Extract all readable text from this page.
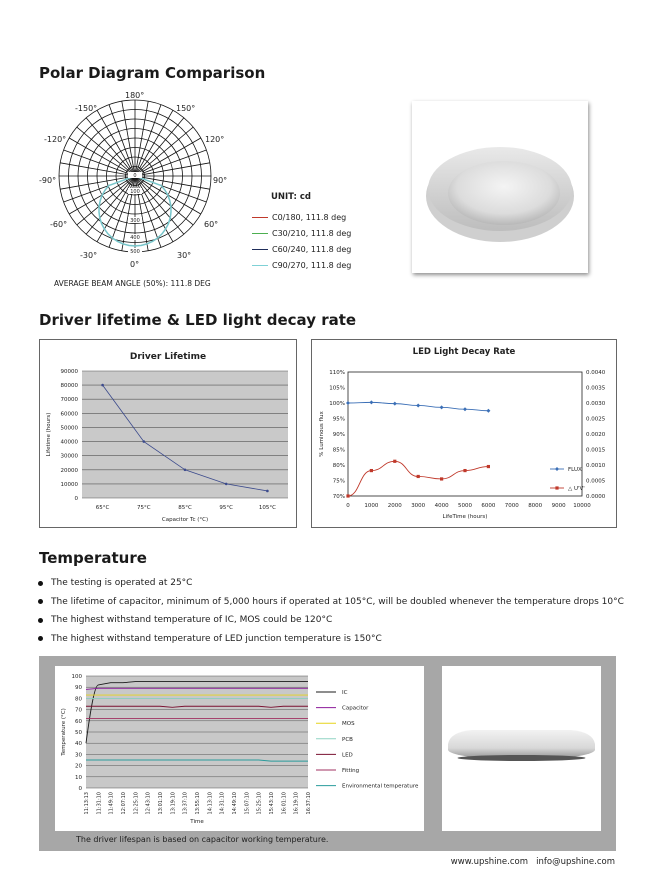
Polar Diagram Comparison
0
100
300
400
500
180°
150°
-150°
120°
-120°
90°
-90°
60°
-60°
30°
-30°
0°
UNIT: cd
C0/180, 111.8 deg
C30/210, 111.8 deg
C60/240, 111.8 deg
C90/270, 111.8 deg
AVERAGE BEAM ANGLE (50%): 111.8 DEG
Driver lifetime & LED light decay rate
Driver Lifetime
90000
80000
70000
60000
50000
40000
30000
20000
10000
0
65°C	75°C	85°C	95°C	105°C
Capacitor Tc (°C)
Lifetime (hours)
LED Light Decay Rate
110%
105%
100%
95%
90%
85%
80%
75%
70%
0.0040
0.0035
0.0030
0.0025
0.0020
0.0015
0.0010
0.0005
0.0000
0	1000 2000 3000 4000 5000 6000 7000 8000 9000 10000
FLUX
△ U'V'
LifeTime (hours)
% Luminous flux
Temperature
The testing is operated at 25°C
The lifetime of capacitor, minimum of 5,000 hours if operated at 105°C, will be doubled whenever the temperature drops 10°C
The highest withstand temperature of IC, MOS could be 120°C
The highest withstand temperature of LED junction temperature is 150°C
100
90
80
70
60
50
40
30
20
10
0
11:13:13 11:31:10 11:49:10 12:07:10 12:25:10 12:43:10 13:01:10 13:19:10 13:37:10 13:55:10 14:13:10 14:31:10 14:49:10 15:07:10 15:25:10 15:43:10 16:01:10 16:19:10 16:37:10
IC
Capacitor
MOS
PCB
LED
Fitting
Environmental temperature
Time
Temperature (°C)
The driver lifespan is based on capacitor working temperature.
www.upshine.com info@upshine.com
